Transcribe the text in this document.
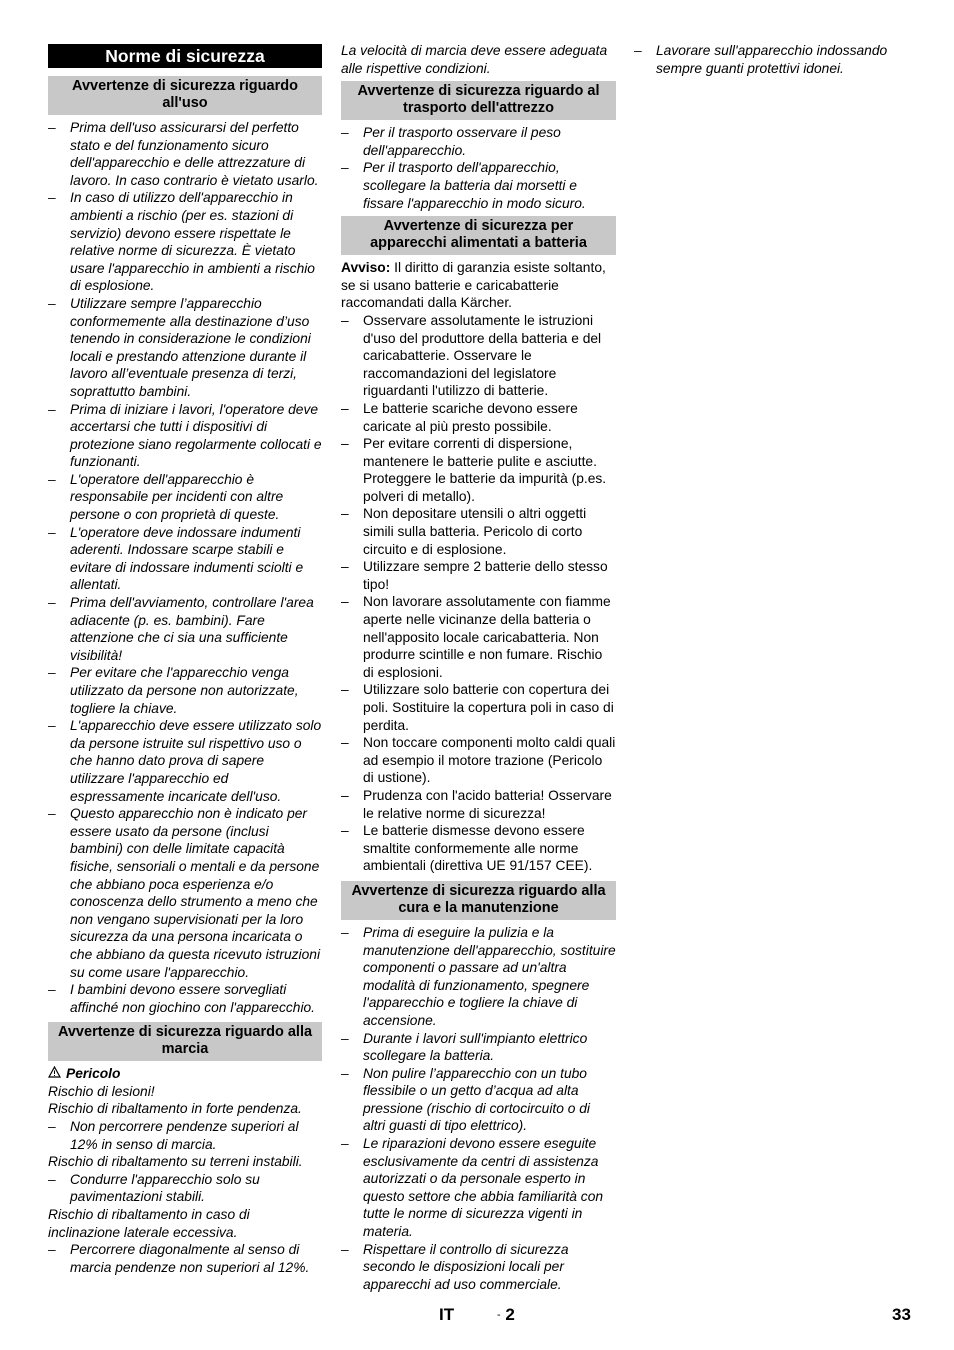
Norme di sicurezza
Avvertenze di sicurezza riguardo all'uso
– Prima dell'uso assicurarsi del perfetto stato e del funzionamento sicuro dell'apparecchio e delle attrezzature di lavoro. In caso contrario è vietato usarlo.
– In caso di utilizzo dell'apparecchio in ambienti a rischio (per es. stazioni di servizio) devono essere rispettate le relative norme di sicurezza. È vietato usare l'apparecchio in ambienti a rischio di esplosione.
– Utilizzare sempre l’apparecchio conformemente alla destinazione d’uso tenendo in considerazione le condizioni locali e prestando attenzione durante il lavoro all’eventuale presenza di terzi, soprattutto bambini.
– Prima di iniziare i lavori, l'operatore deve accertarsi che tutti i dispositivi di protezione siano regolarmente collocati e funzionanti.
– L'operatore dell'apparecchio è responsabile per incidenti con altre persone o con proprietà di queste.
– L'operatore deve indossare indumenti aderenti. Indossare scarpe stabili e evitare di indossare indumenti sciolti e allentati.
– Prima dell'avviamento, controllare l'area adiacente (p. es. bambini). Fare attenzione che ci sia una sufficiente visibilità!
– Per evitare che l'apparecchio venga utilizzato da persone non autorizzate, togliere la chiave.
– L'apparecchio deve essere utilizzato solo da persone istruite sul rispettivo uso o che hanno dato prova di sapere utilizzare l'apparecchio ed espressamente incaricate dell'uso.
– Questo apparecchio non è indicato per essere usato da persone (inclusi bambini) con delle limitate capacità fisiche, sensoriali o mentali e da persone che abbiano poca esperienza e/o conoscenza dello strumento a meno che non vengano supervisionati per la loro sicurezza da una persona incaricata o che abbiano da questa ricevuto istruzioni su come usare l'apparecchio.
– I bambini devono essere sorvegliati affinché non giochino con l'apparecchio.
Avvertenze di sicurezza riguardo alla marcia
Pericolo

Rischio di lesioni!

Rischio di ribaltamento in forte pendenza.

– Non percorrere pendenze superiori al 12% in senso di marcia.

Rischio di ribaltamento su terreni instabili.

– Condurre l'apparecchio solo su pavimentazioni stabili.

Rischio di ribaltamento in caso di inclinazione laterale eccessiva.

– Percorrere diagonalmente al senso di marcia pendenze non superiori al 12%.

La velocità di marcia deve essere adeguata alle rispettive condizioni.

Avvertenze di sicurezza riguardo al trasporto dell'attrezzo
– Per il trasporto osservare il peso dell'apparecchio.
– Per il trasporto dell'apparecchio, scollegare la batteria dai morsetti e fissare l'apparecchio in modo sicuro.
Avvertenze di sicurezza per apparecchi alimentati a batteria

Avviso: Il diritto di garanzia esiste soltanto, se si usano batterie e caricabatterie raccomandati dalla Kärcher.

– Osservare assolutamente le istruzioni d'uso del produttore della batteria e del caricabatterie. Osservare le raccomandazioni del legislatore riguardanti l'utilizzo di batterie.
– Le batterie scariche devono essere caricate al più presto possibile.
– Per evitare correnti di dispersione, mantenere le batterie pulite e asciutte. Proteggere le batterie da impurità (p.es. polveri di metallo).
– Non depositare utensili o altri oggetti simili sulla batteria. Pericolo di corto circuito e di esplosione.
– Utilizzare sempre 2 batterie dello stesso tipo!
– Non lavorare assolutamente con fiamme aperte nelle vicinanze della batteria o nell'apposito locale caricabatteria. Non produrre scintille e non fumare. Rischio di esplosioni.
– Utilizzare solo batterie con copertura dei poli. Sostituire la copertura poli in caso di perdita.
– Non toccare componenti molto caldi quali ad esempio il motore trazione (Pericolo di ustione).
– Prudenza con l'acido batteria! Osservare le relative norme di sicurezza!
– Le batterie dismesse devono essere smaltite conformemente alle norme ambientali (direttiva UE 91/157 CEE).
Avvertenze di sicurezza riguardo alla cura e la manutenzione
– Prima di eseguire la pulizia e la manutenzione dell'apparecchio, sostituire componenti o passare ad un'altra modalità di funzionamento, spegnere l'apparecchio e togliere la chiave di accensione.
– Durante i lavori sull'impianto elettrico scollegare la batteria.
– Non pulire l’apparecchio con un tubo flessibile o un getto d’acqua ad alta pressione (rischio di cortocircuito o di altri guasti di tipo elettrico).
– Le riparazioni devono essere eseguite esclusivamente da centri di assistenza autorizzati o da personale esperto in questo settore che abbia familiarità con tutte le norme di sicurezza vigenti in materia.
– Rispettare il controllo di sicurezza secondo le disposizioni locali per apparecchi ad uso commerciale.
– Lavorare sull'apparecchio indossando sempre guanti protettivi idonei.
IT	- 2	33
